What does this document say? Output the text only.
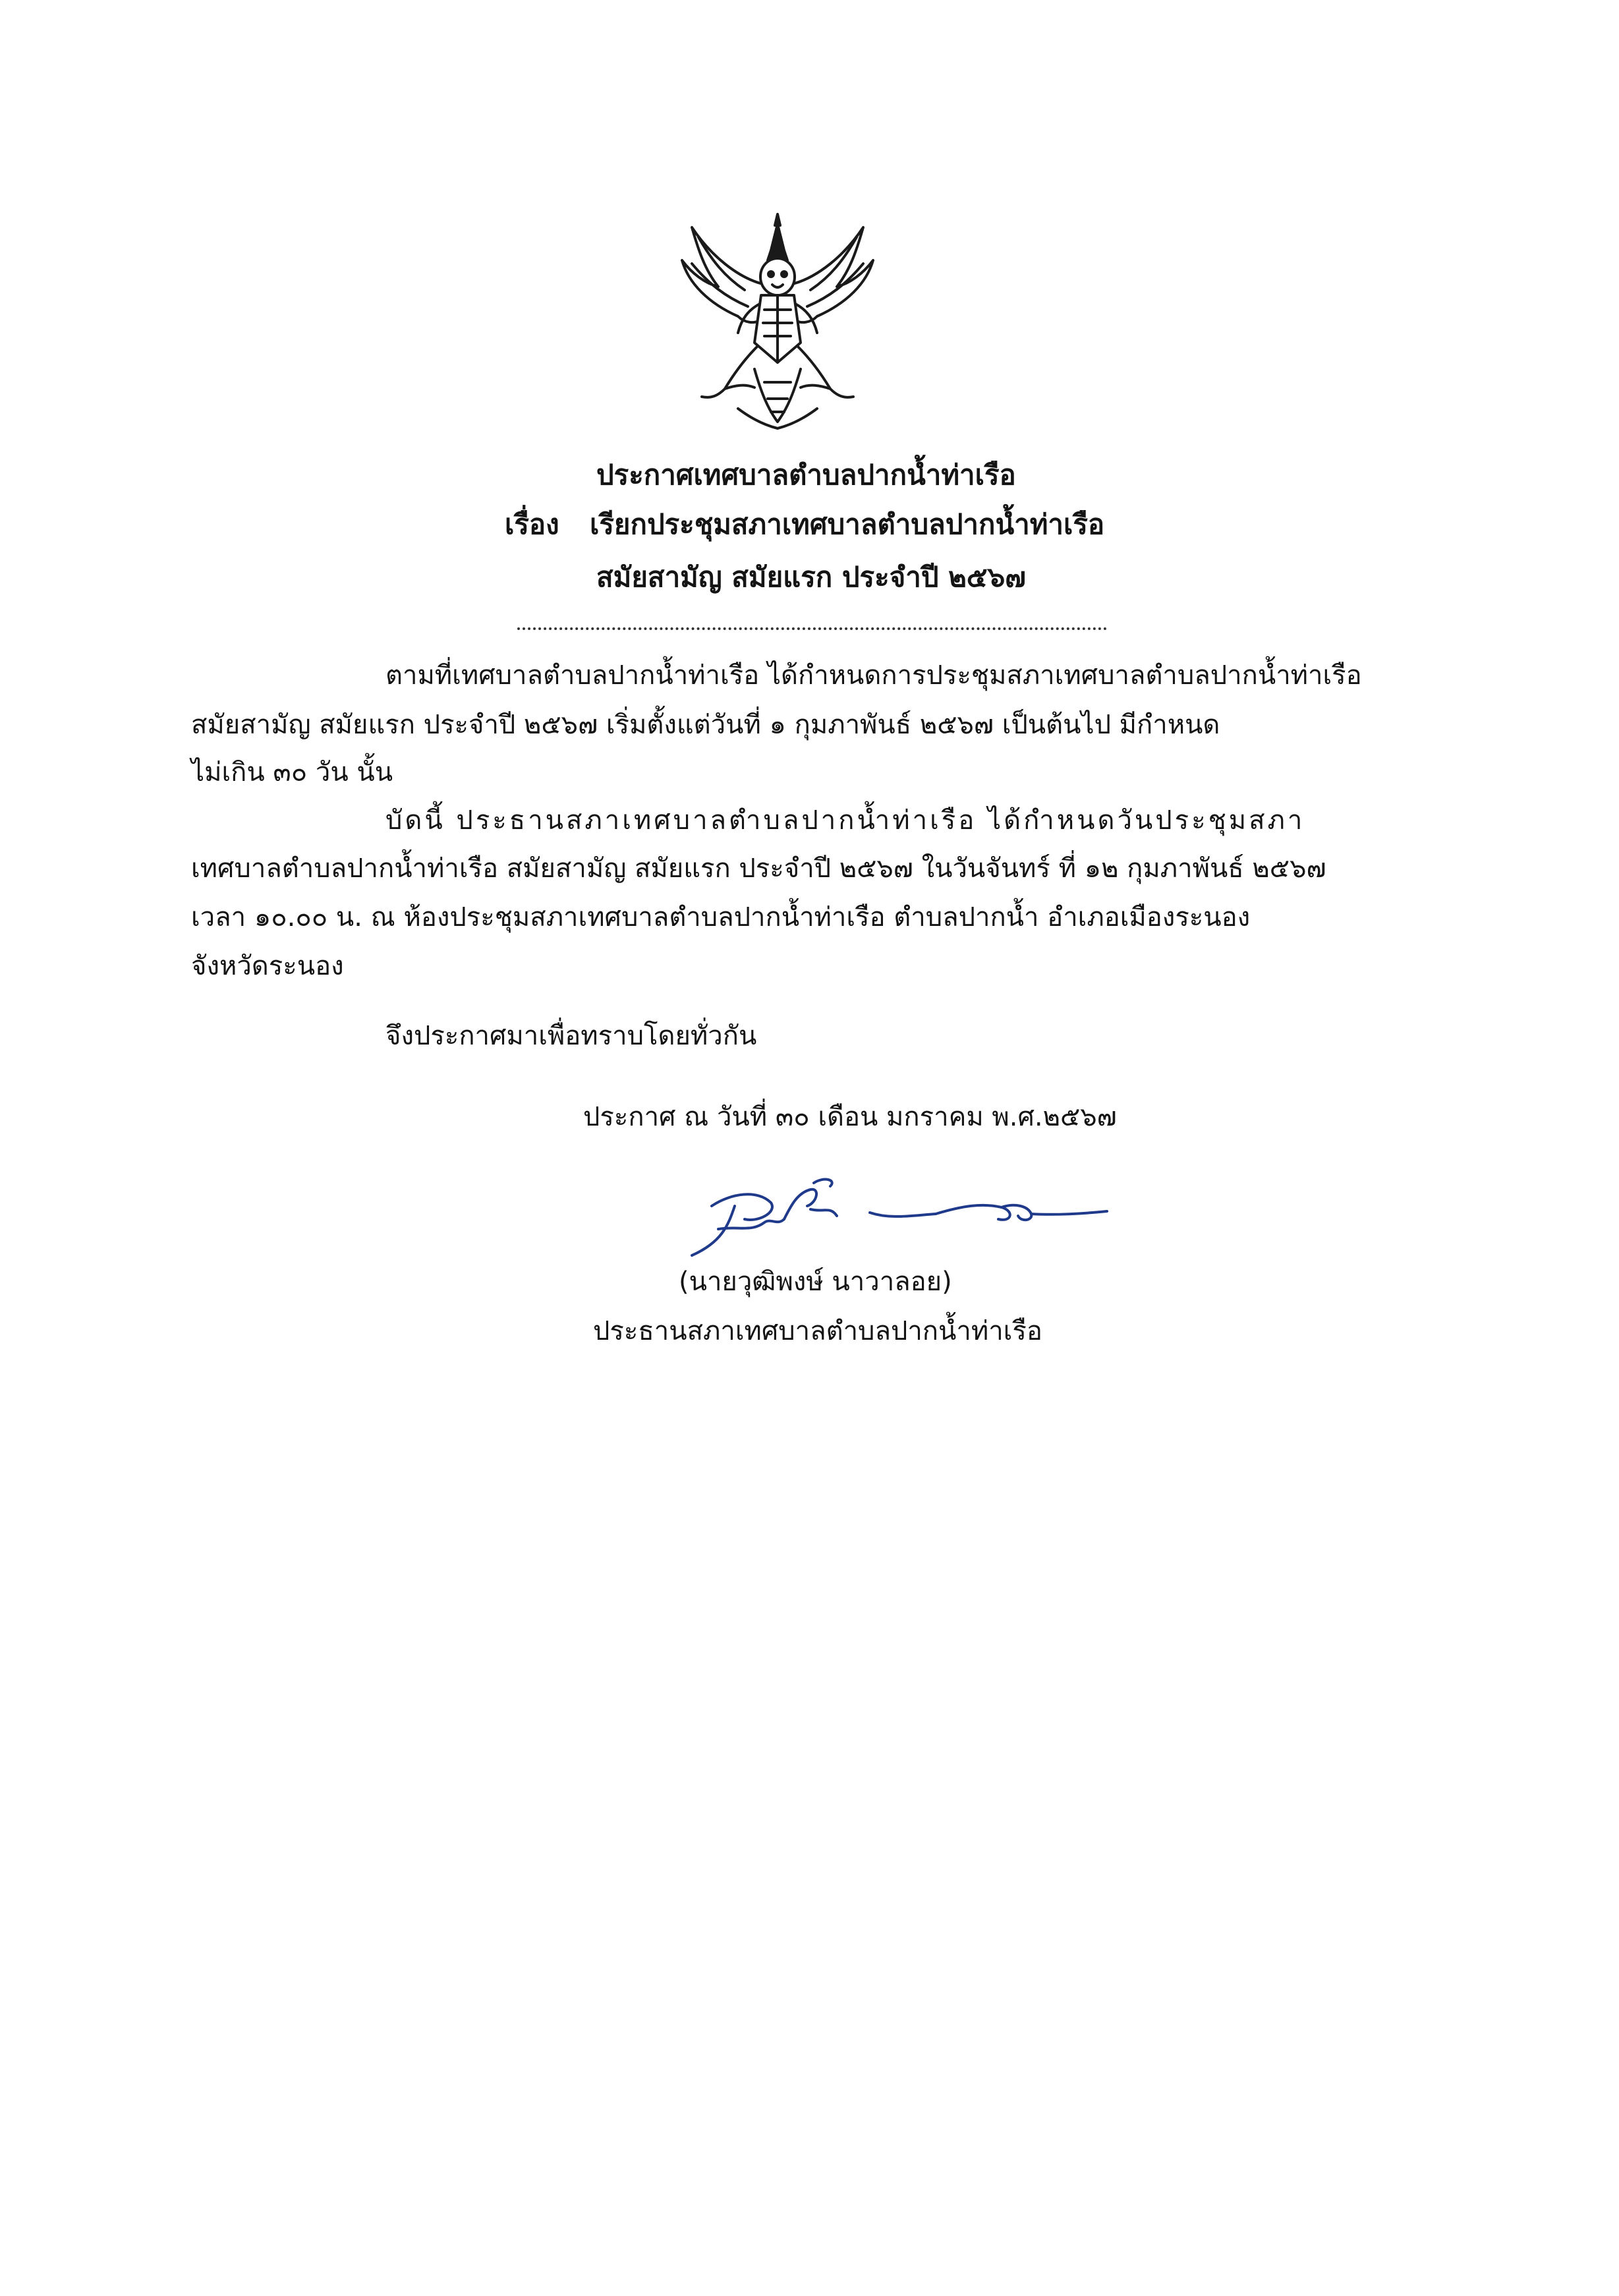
ประกาศเทศบาลตำบลปากน้ำท่าเรือ
เรื่อง เรียกประชุมสภาเทศบาลตำบลปากน้ำท่าเรือ
สมัยสามัญ สมัยแรก ประจำปี ๒๕๖๗
ตามที่เทศบาลตำบลปากน้ำท่าเรือ ได้กำหนดการประชุมสภาเทศบาลตำบลปากน้ำท่าเรือ
สมัยสามัญ สมัยแรก ประจำปี ๒๕๖๗ เริ่มตั้งแต่วันที่ ๑ กุมภาพันธ์ ๒๕๖๗ เป็นต้นไป มีกำหนด
ไม่เกิน ๓๐ วัน นั้น
บัดนี้ ประธานสภาเทศบาลตำบลปากน้ำท่าเรือ ได้กำหนดวันประชุมสภา
เทศบาลตำบลปากน้ำท่าเรือ สมัยสามัญ สมัยแรก ประจำปี ๒๕๖๗ ในวันจันทร์ ที่ ๑๒ กุมภาพันธ์ ๒๕๖๗
เวลา ๑๐.๐๐ น. ณ ห้องประชุมสภาเทศบาลตำบลปากน้ำท่าเรือ ตำบลปากน้ำ อำเภอเมืองระนอง
จังหวัดระนอง
จึงประกาศมาเพื่อทราบโดยทั่วกัน
ประกาศ ณ วันที่ ๓๐ เดือน มกราคม พ.ศ.๒๕๖๗
(นายวุฒิพงษ์ นาวาลอย)
ประธานสภาเทศบาลตำบลปากน้ำท่าเรือ
